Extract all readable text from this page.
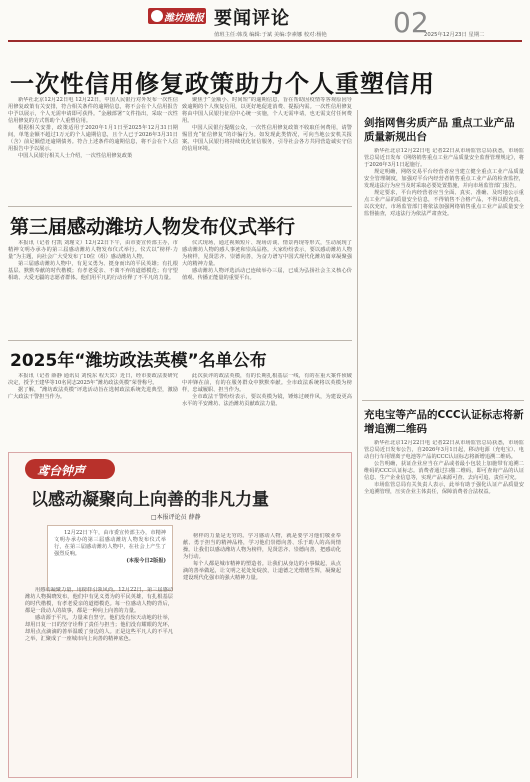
潍坊晚报 要闻评论
值班主任:韩茂 编辑:于斌 美编:李素娜 校对:杨艳 02
2025年12月23日 星期二
一次性信用修复政策助力个人重塑信用

新华社北京12月22日电 12月22日，中国人民银行对外发布一次性信用修复政策有关安排，符合相关条件的逾期信息，将不会在个人信用报告中予以展示，个人无需申请即可获得。“金融部署”文件指出，采取一次性信用修复的方式帮助个人重塑信用。

根据相关安排，政策适用于2020年1月1日至2025年12月31日期间，单笔金额不超过1万元的个人逾期信息，且个人已于2026年3月31日（含）前足额偿还逾期债务。符合上述条件的逾期信息，将不会在个人信用报告中予以展示。

中国人民银行相关人士介绍，一次性信用修复政策

聚焦于“金额小、时间短”的逾期信息，旨在帮助因疫情等客观原因导致逾期的个人恢复信用，以更好地促进消费、提振内需。一次性信用修复将由中国人民银行征信中心统一实施，个人无需申请，也无需支付任何费用。

中国人民银行提醒公众，一次性信用修复政策不收取任何费用，请警惕冒充“征信修复”的诈骗行为。如发现此类情况，可向当地公安机关报案。中国人民银行将持续优化征信服务，引导社会各方共同营造诚实守信的信用环境。

第三届感动潍坊人物发布仪式举行

本报讯（记者 付凯 刘瑾文）12月22日下午，由市委宣传部主办，市精神文明办承办的第三届感动潍坊人物发布仪式举行。仪式以“榜样·力量”为主题，向社会广大受发布了10位（组）感动潍坊人物。

第三届感动潍坊人物中，有见义勇为、挺身而出的平民英雄；有扎根基层、默默奉献的时代楷模；有孝老爱亲、不离不弃的道德模范；有守望相助、大爱无疆的志愿者群体。他们用平凡的行动诠释了不平凡的力量。

仪式现场，通过视频短片、现场访谈、情景再现等形式，生动展现了感动潍坊人物的感人事迹和崇高品格。大家纷纷表示，要以感动潍坊人物为榜样，见贤思齐、崇德向善，为奋力谱写中国式现代化潍坊篇章凝聚强大的精神力量。

感动潍坊人物评选活动已连续举办三届，已成为弘扬社会主义核心价值观、传播正能量的重要平台。

2025年“潍坊政法英模”名单公布

本报讯（记者 薛静 通讯员 刘悦东 程天宾）近日，经市委政法委研究决定，授予王建华等10名同志2025年“潍坊政法英模”荣誉称号。

据了解，“潍坊政法英模”评选活动旨在选树政法系统先进典型，激励广大政法干警担当作为。

此次获评的政法英模，有的长期扎根基层一线，有的在重大案件侦破中冲锋在前，有的在服务群众中默默奉献。全市政法系统将以英模为榜样，忠诚履职、担当作为。

全市政法干警纷纷表示，要以英模为镜，锤炼过硬作风，为建设更高水平的平安潍坊、法治潍坊贡献政法力量。

鸢台钟声
以感动凝聚向上向善的非凡力量
□本报评论员 薛静

12月22日下午，由市委宣传部主办，市精神文明办承办的第三届感动潍坊人物发布仪式举行，在第三届感动潍坊人物中，在社会上产生了强烈反响。

(本报今日2版报)

用感动凝聚力量，用榜样引领风尚。12月22日，第三届感动潍坊人物揭晓发布，他们中有见义勇为的平民英雄，有扎根基层的时代楷模，有孝老爱亲的道德模范。每一位感动人物的背后，都是一段动人的故事，都是一种向上向善的力量。

感动源于平凡，力量来自坚守。他们没有惊天动地的壮举，却用日复一日的坚守诠释了责任与担当；他们没有耀眼的光环，却用点点滴滴的善举温暖了身边的人。正是这些平凡人的不平凡之举，汇聚成了一座城市向上向善的精神底色。

榜样的力量是无穷的。学习感动人物，就是要学习他们敬业奉献、勇于担当的精神品格，学习他们崇德向善、乐于助人的高尚情操。让我们以感动潍坊人物为榜样，见贤思齐、崇德向善，把感动化为行动。

每个人都是城市精神的塑造者。让我们从身边的小事做起，从点滴的善举做起，让文明之花处处绽放，让道德之光熠熠生辉，凝聚起建设现代化强市的强大精神力量。

剑指网售劣质产品 重点工业产品质量新规出台

新华社北京12月22日电 记者22日从市场监管总局获悉，市场监管总局近日发布《网络销售重点工业产品质量安全监督管理规定》，将于2026年3月1日起施行。

规定明确，网络交易平台经营者应当建立健全重点工业产品质量安全管理制度，加强对平台内经营者销售重点工业产品的检查监控，发现违法行为应当及时采取必要处置措施，并向市场监管部门报告。

规定要求，平台内经营者应当全面、真实、准确、及时地公示重点工业产品的质量安全信息，不得销售不合格产品，不得以假充真、以次充好。市场监管部门将依法加强网络销售重点工业产品质量安全监督抽查，对违法行为依法严肃查处。

充电宝等产品的CCC认证标志将新增追溯二维码

新华社北京12月22日电 记者22日从市场监管总局获悉，市场监管总局近日发布公告，自2026年3月1日起，移动电源（充电宝）、电动自行车用锂离子电池等产品的CCC认证标志将新增追溯二维码。

公告明确，获证企业应当在产品或者最小包装上加施带有追溯二维码的CCC认证标志。消费者通过扫描二维码，即可查询产品的认证信息、生产企业信息等，实现产品来源可查、去向可追、责任可究。

市场监管总局有关负责人表示，此举有助于强化认证产品质量安全追溯管理，压实企业主体责任，保障消费者合法权益。
